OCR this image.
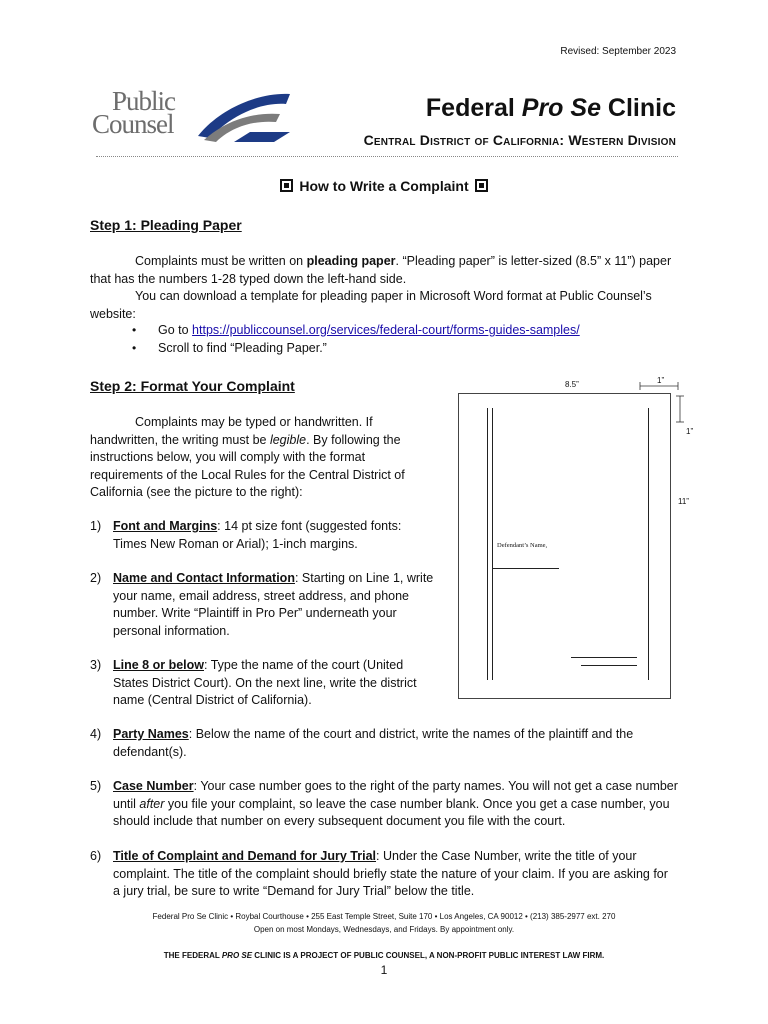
Revised: September 2023
Public
Counsel
Federal Pro Se Clinic
Central District of California: Western Division
How to Write a Complaint
Step 1: Pleading Paper
Complaints must be written on pleading paper. “Pleading paper” is letter-sized (8.5” x 11”) paper that has the numbers 1-28 typed down the left-hand side.
You can download a template for pleading paper in Microsoft Word format at Public Counsel’s website:
• Go to https://publiccounsel.org/services/federal-court/forms-guides-samples/
• Scroll to find “Pleading Paper.”
Step 2: Format Your Complaint
Complaints may be typed or handwritten. If handwritten, the writing must be legible. By following the instructions below, you will comply with the format requirements of the Local Rules for the Central District of California (see the picture to the right):
1) Font and Margins: 14 pt size font (suggested fonts: Times New Roman or Arial); 1-inch margins.
2) Name and Contact Information: Starting on Line 1, write your name, email address, street address, and phone number. Write “Plaintiff in Pro Per” underneath your personal information.
3) Line 8 or below: Type the name of the court (United States District Court). On the next line, write the district name (Central District of California).
4) Party Names: Below the name of the court and district, write the names of the plaintiff and the defendant(s).
5) Case Number: Your case number goes to the right of the party names. You will not get a case number until after you file your complaint, so leave the case number blank. Once you get a case number, you should include that number on every subsequent document you file with the court.
6) Title of Complaint and Demand for Jury Trial: Under the Case Number, write the title of your complaint. The title of the complaint should briefly state the nature of your claim. If you are asking for a jury trial, be sure to write “Demand for Jury Trial” below the title.
8.5”	1”
1”
11”
Defendant’s Name,
Federal Pro Se Clinic • Roybal Courthouse • 255 East Temple Street, Suite 170 • Los Angeles, CA 90012 • (213) 385-2977 ext. 270
Open on most Mondays, Wednesdays, and Fridays. By appointment only.
THE FEDERAL PRO SE CLINIC IS A PROJECT OF PUBLIC COUNSEL, A NON-PROFIT PUBLIC INTEREST LAW FIRM.
1
